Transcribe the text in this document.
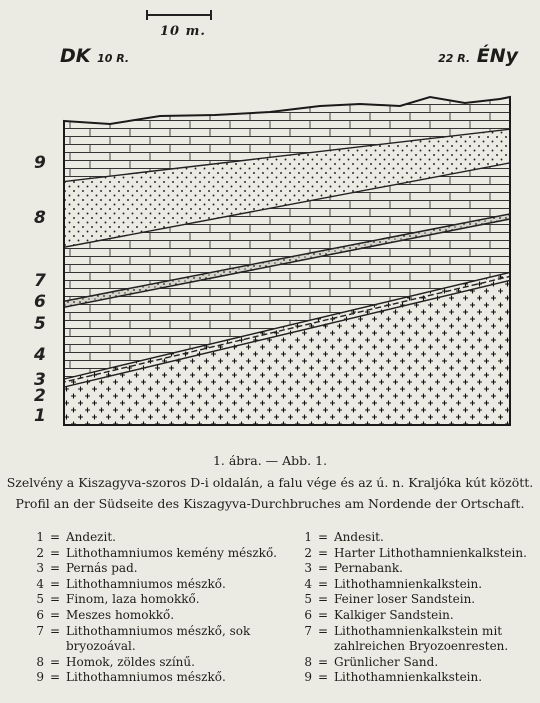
10 m.
DK 10 R.	22 R. ÉNy
9
8
7
6
5
4
3
2
1
1. ábra. — Abb. 1.
Szelvény a Kiszagyva-szoros D-i oldalán, a falu vége és az ú. n. Kraljóka kút között.
Profil an der Südseite des Kiszagyva-Durchbruches am Nordende der Ortschaft.
1 = Andezit.
2 = Lithothamniumos kemény mészkő.
3 = Pernás pad.
4 = Lithothamniumos mészkő.
5 = Finom, laza homokkő.
6 = Meszes homokkő.
7 = Lithothamniumos mészkő, sok
bryozoával.
8 = Homok, zöldes színű.
9 = Lithothamniumos mészkő.
1 = Andesit.
2 = Harter Lithothamnienkalkstein.
3 = Pernabank.
4 = Lithothamnienkalkstein.
5 = Feiner loser Sandstein.
6 = Kalkiger Sandstein.
7 = Lithothamnienkalkstein mit
zahlreichen Bryozoenresten.
8 = Grünlicher Sand.
9 = Lithothamnienkalkstein.
